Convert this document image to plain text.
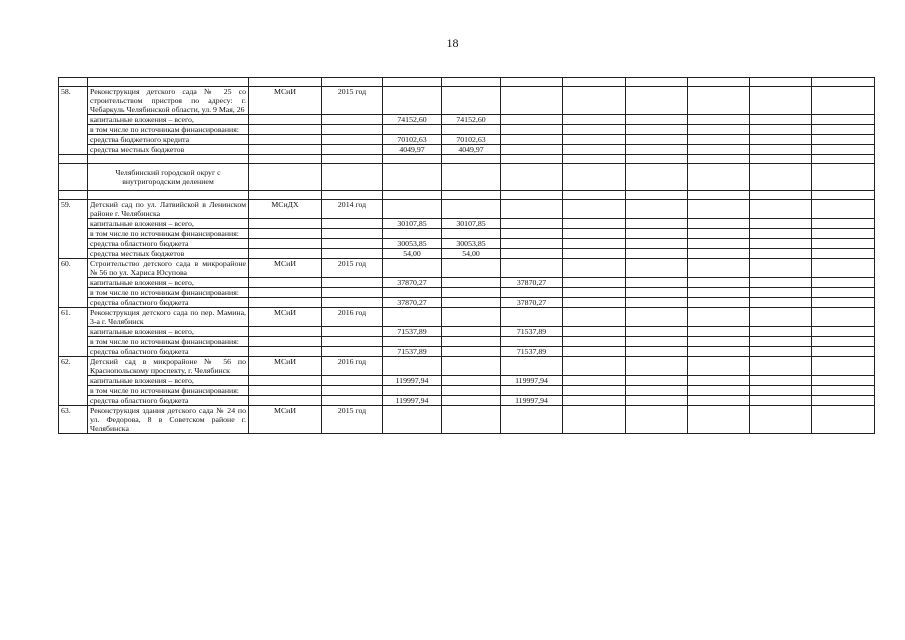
18

58.	Реконструкция детского сада № 25 со строительством пристроя по адресу: г. Чебаркуль Челябинской области, ул. 9 Мая, 26	МСиИ	2015 год								
	капитальные вложения – всего,			74152,60	74152,60						
	в том числе по источникам финансирования:										
	средства бюджетного кредита			70102,63	70102,63						
	средства местных бюджетов			4049,97	4049,97						

	Челябинский городской округ с внутригородским делением										

59.	Детский сад по ул. Латвийской в Ленинском районе г. Челябинска	МСиДХ	2014 год								
	капитальные вложения – всего,			30107,85	30107,85						
	в том числе по источникам финансирования:										
	средства областного бюджета			30053,85	30053,85						
	средства местных бюджетов			54,00	54,00						
60.	Строительство детского сада в микрорайоне № 56 по ул. Хариса Юсупова	МСиИ	2015 год								
	капитальные вложения – всего,			37870,27		37870,27					
	в том числе по источникам финансирования:										
	средства областного бюджета			37870,27		37870,27					
61.	Реконструкция детского сада по пер. Мамина, 3-а г. Челябинск	МСиИ	2016 год								
	капитальные вложения – всего,			71537,89		71537,89					
	в том числе по источникам финансирования:										
	средства областного бюджета			71537,89		71537,89					
62.	Детский сад в микрорайоне № 56 по Краснопольскому проспекту, г. Челябинск	МСиИ	2016 год								
	капитальные вложения – всего,			119997,94		119997,94					
	в том числе по источникам финансирования:										
	средства областного бюджета			119997,94		119997,94					
63.	Реконструкция здания детского сада № 24 по ул. Федорова, 8 в Советском районе г. Челябинска	МСиИ	2015 год								
